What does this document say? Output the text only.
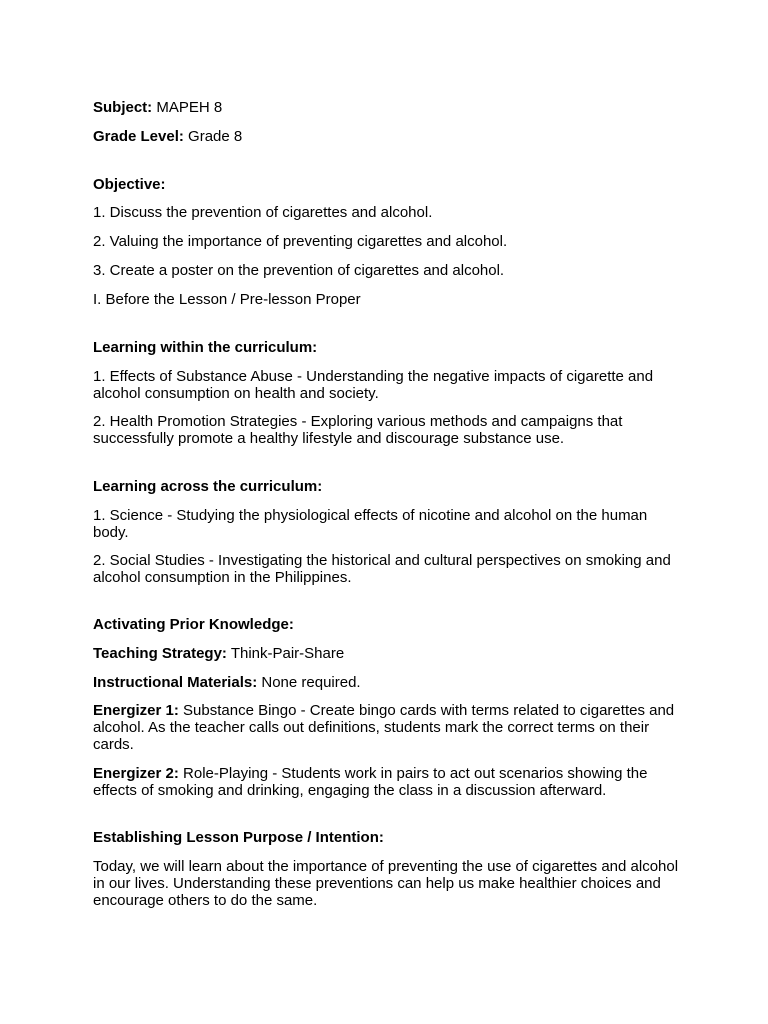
Subject: MAPEH 8

Grade Level: Grade 8

Objective:

1. Discuss the prevention of cigarettes and alcohol.

2. Valuing the importance of preventing cigarettes and alcohol.

3. Create a poster on the prevention of cigarettes and alcohol.

I. Before the Lesson / Pre-lesson Proper

Learning within the curriculum:

1. Effects of Substance Abuse - Understanding the negative impacts of cigarette and alcohol consumption on health and society.

2. Health Promotion Strategies - Exploring various methods and campaigns that successfully promote a healthy lifestyle and discourage substance use.

Learning across the curriculum:

1. Science - Studying the physiological effects of nicotine and alcohol on the human body.

2. Social Studies - Investigating the historical and cultural perspectives on smoking and alcohol consumption in the Philippines.

Activating Prior Knowledge:

Teaching Strategy: Think-Pair-Share

Instructional Materials: None required.

Energizer 1: Substance Bingo - Create bingo cards with terms related to cigarettes and alcohol. As the teacher calls out definitions, students mark the correct terms on their cards.

Energizer 2: Role-Playing - Students work in pairs to act out scenarios showing the effects of smoking and drinking, engaging the class in a discussion afterward.

Establishing Lesson Purpose / Intention:

Today, we will learn about the importance of preventing the use of cigarettes and alcohol in our lives. Understanding these preventions can help us make healthier choices and encourage others to do the same.
